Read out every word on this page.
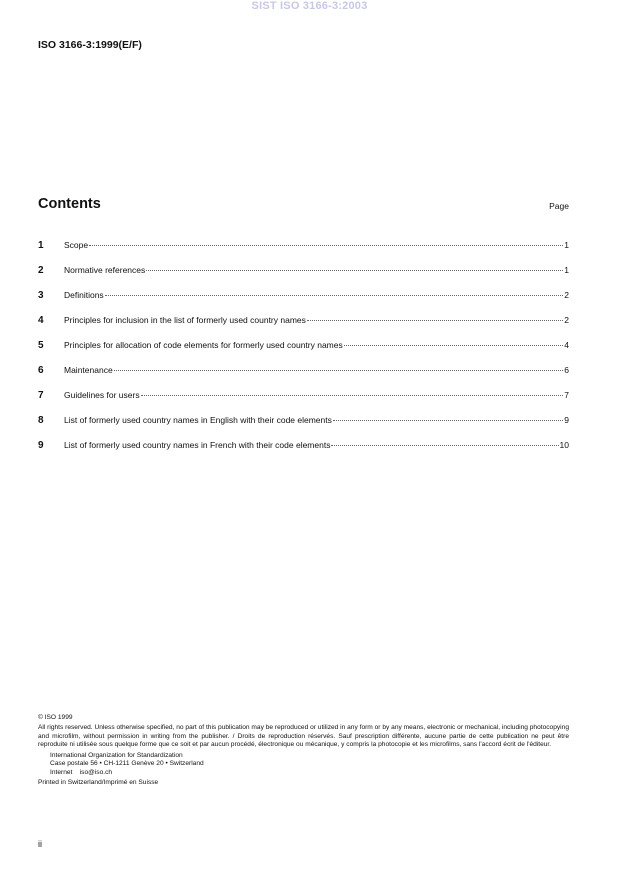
SIST ISO 3166-3:2003
ISO 3166-3:1999(E/F)
Contents	Page
1	Scope	1
2	Normative references	1
3	Definitions	2
4	Principles for inclusion in the list of formerly used country names	2
5	Principles for allocation of code elements for formerly used country names	4
6	Maintenance	6
7	Guidelines for users	7
8	List of formerly used country names in English with their code elements	9
9	List of formerly used country names in French with their code elements	10
© ISO 1999
All rights reserved. Unless otherwise specified, no part of this publication may be reproduced or utilized in any form or by any means, electronic or mechanical, including photocopying and microfilm, without permission in writing from the publisher. / Droits de reproduction réservés. Sauf prescription différente, aucune partie de cette publication ne peut être reproduite ni utilisée sous quelque forme que ce soit et par aucun procédé, électronique ou mécanique, y compris la photocopie et les microfilms, sans l'accord écrit de l'éditeur.
International Organization for Standardization
Case postale 56 • CH-1211 Genève 20 • Switzerland
Internet    iso@iso.ch
Printed in Switzerland/Imprimé en Suisse
ii
